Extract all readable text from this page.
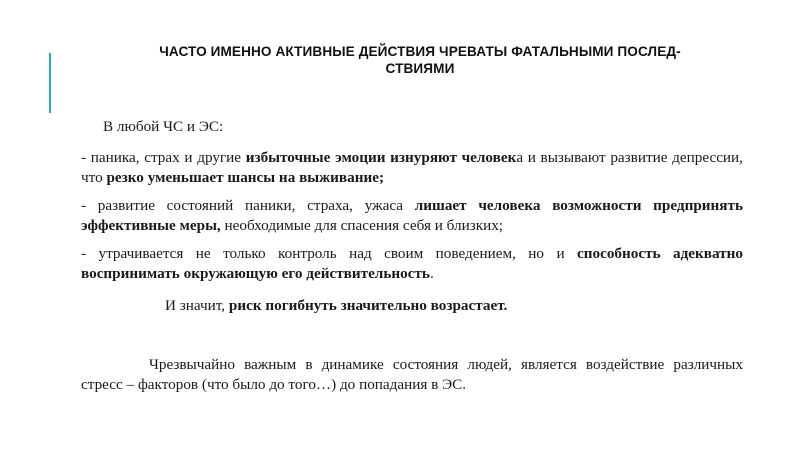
ЧАСТО ИМЕННО АКТИВНЫЕ ДЕЙСТВИЯ ЧРЕВАТЫ ФАТАЛЬНЫМИ ПОСЛЕД-
СТВИЯМИ
В любой ЧС и ЭС:
- паника, страх и другие избыточные эмоции изнуряют человека и вызывают развитие депрессии, что резко уменьшает шансы на выживание;
- развитие состояний паники, страха, ужаса лишает человека возможности предпринять эффективные меры, необходимые для спасения себя и близких;
- утрачивается не только контроль над своим поведением, но и способность адекватно воспринимать окружающую его действительность.
И значит, риск погибнуть значительно возрастает.
Чрезвычайно важным в динамике состояния людей, является воздействие различных стресс – факторов (что было до того…) до попадания в ЭС.
